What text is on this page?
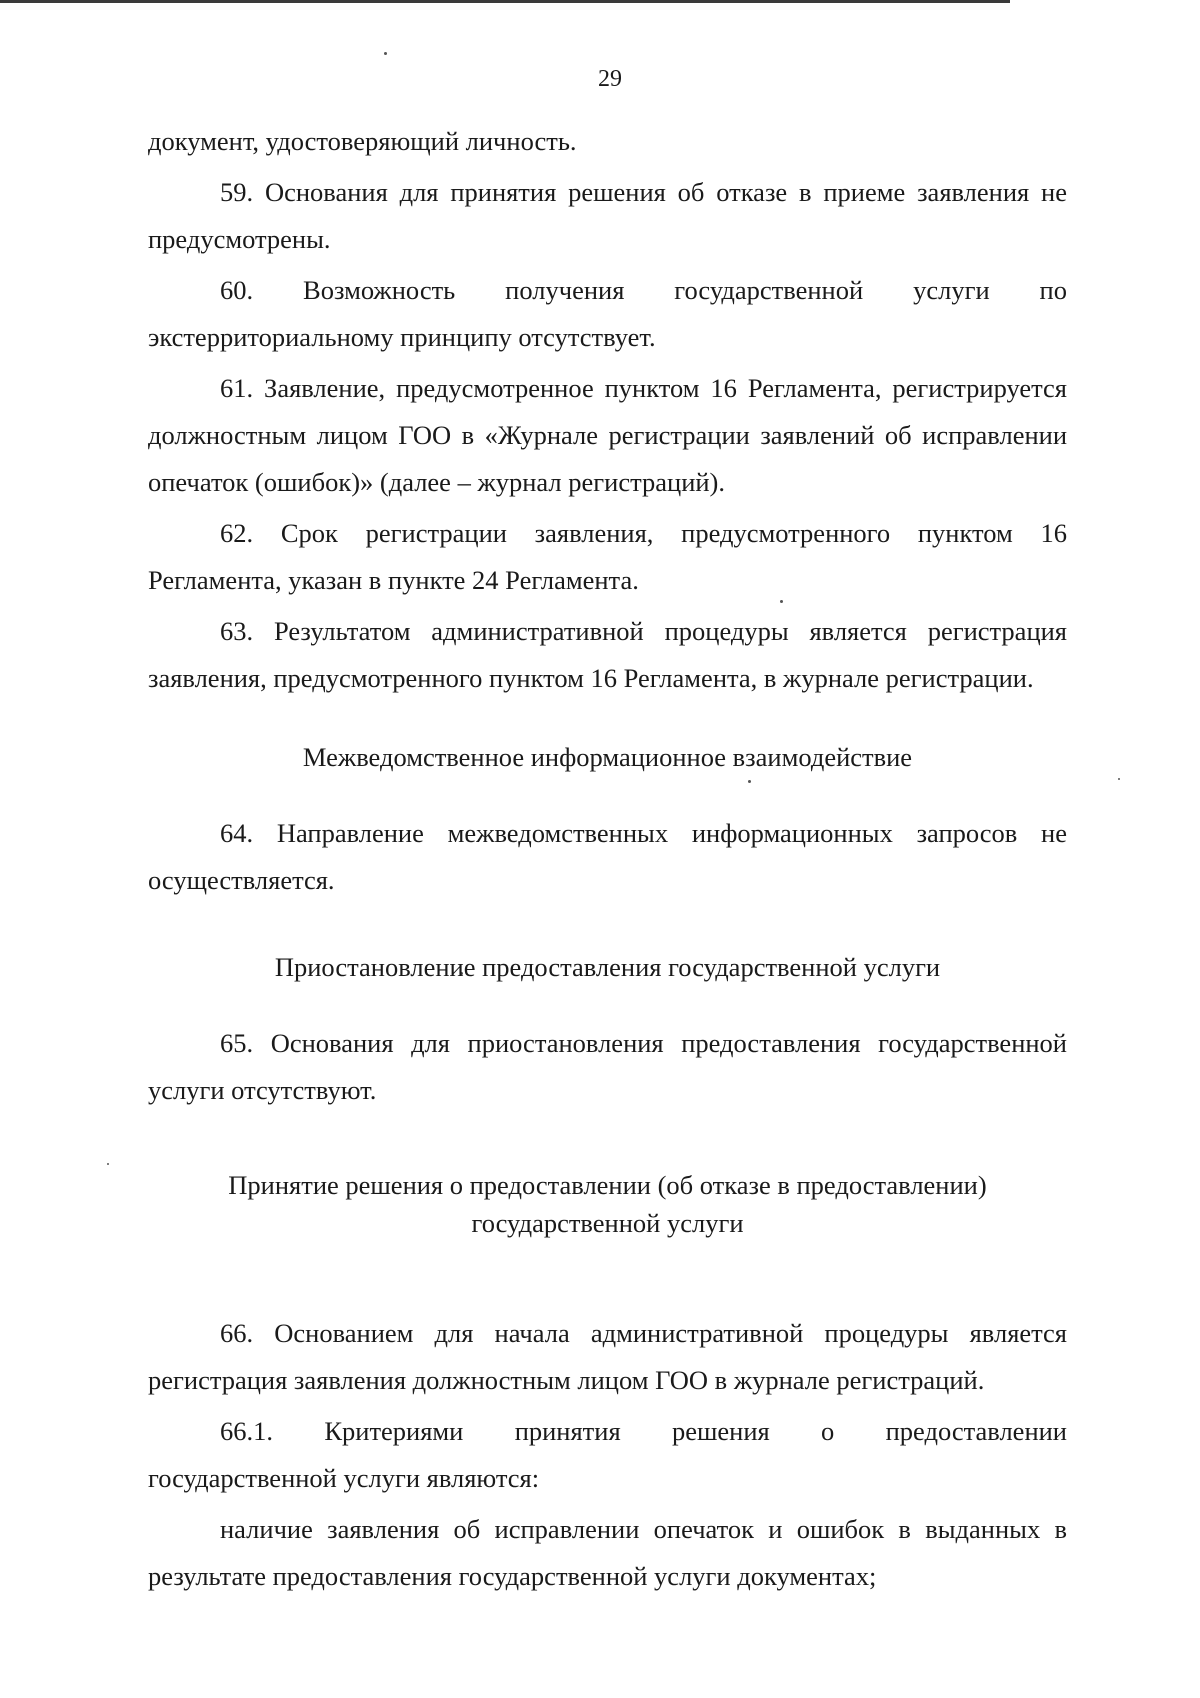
29

документ, удостоверяющий личность.

59. Основания для принятия решения об отказе в приеме заявления не предусмотрены.

60. Возможность получения государственной услуги по
экстерриториальному принципу отсутствует.

61. Заявление, предусмотренное пунктом 16 Регламента, регистрируется должностным лицом ГОО в «Журнале регистрации заявлений об исправлении опечаток (ошибок)» (далее – журнал регистраций).

62. Срок регистрации заявления, предусмотренного пунктом 16 Регламента, указан в пункте 24 Регламента.

63. Результатом административной процедуры является регистрация заявления, предусмотренного пунктом 16 Регламента, в журнале регистрации.

Межведомственное информационное взаимодействие

64. Направление межведомственных информационных запросов не осуществляется.

Приостановление предоставления государственной услуги

65. Основания для приостановления предоставления государственной услуги отсутствуют.

Принятие решения о предоставлении (об отказе в предоставлении)
государственной услуги

66. Основанием для начала административной процедуры является регистрация заявления должностным лицом ГОО в журнале регистраций.

66.1. Критериями принятия решения о предоставлении
государственной услуги являются:

наличие заявления об исправлении опечаток и ошибок в выданных в результате предоставления государственной услуги документах;
